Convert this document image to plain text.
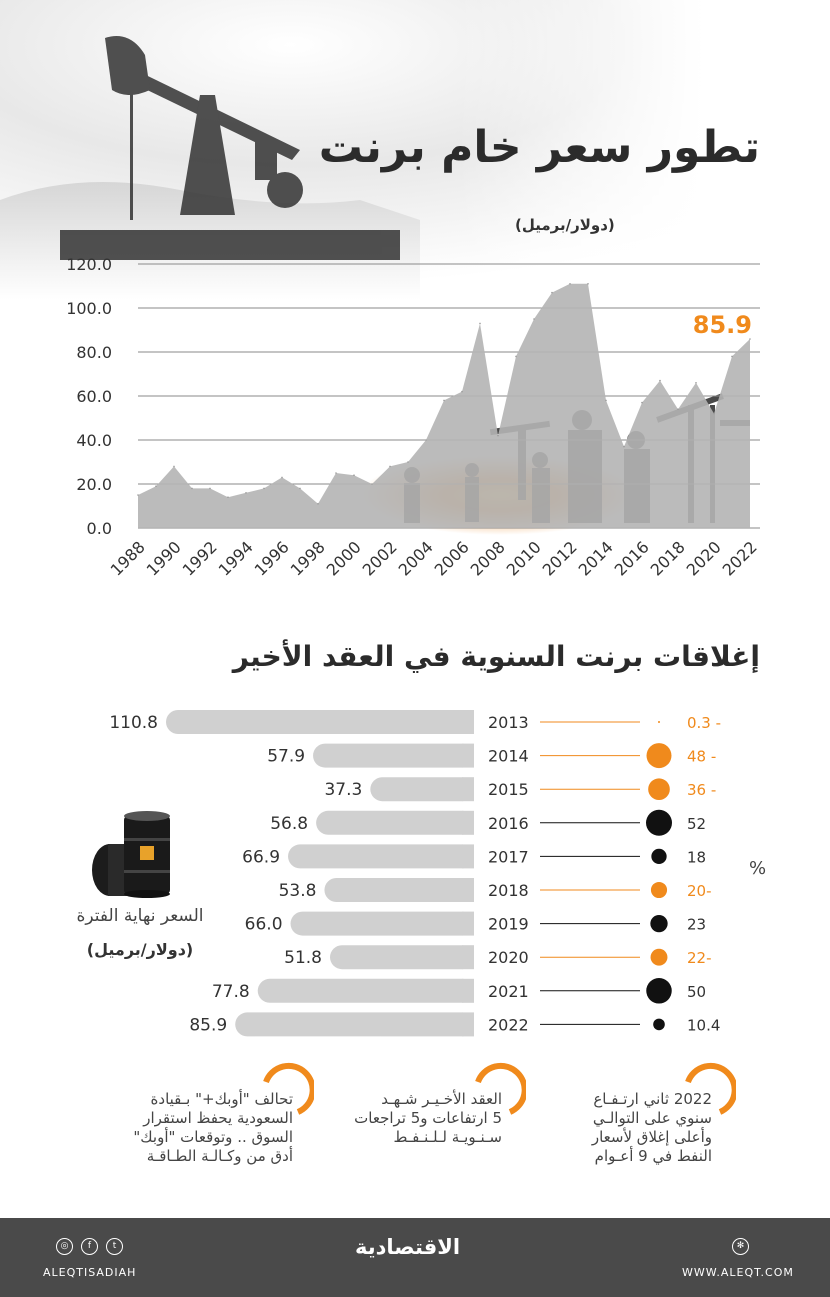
تطور سعر خام برنت
(دولار/برميل)
0.0
20.0
40.0
60.0
80.0
100.0
120.0
1988
1990
1992
1994
1996
1998
2000
2002
2004
2006
2008
2010
2012
2014
2016
2018
2020
2022
85.9
إغلاقات برنت السنوية في العقد الأخير
110.8	2013	0.3 -
57.9	2014	48 -
37.3	2015	36 -
56.8	2016	52
66.9	2017	18
53.8	2018	20-
66.0	2019	23
51.8	2020	22-
77.8	2021	50
85.9	2022	10.4
السعر نهاية الفترة
(دولار/برميل)
%
2022 ثاني ارتـفـاع
سنوي على التوالـي
وأعلى إغلاق لأسعار
النفط في 9 أعـوام
العقد الأخـيـر شـهـد
5 ارتفاعات و5 تراجعات
سـنـويـة لـلـنـفـط
تحالف "أوبك+" بـقيادة
السعودية يحفظ استقرار
السوق .. وتوقعات "أوبك"
أدق من وكـالـة الطـاقـة
◎	f	t
ALEQTISADIAH
الاقتصادية	✻
WWW.ALEQT.COM
